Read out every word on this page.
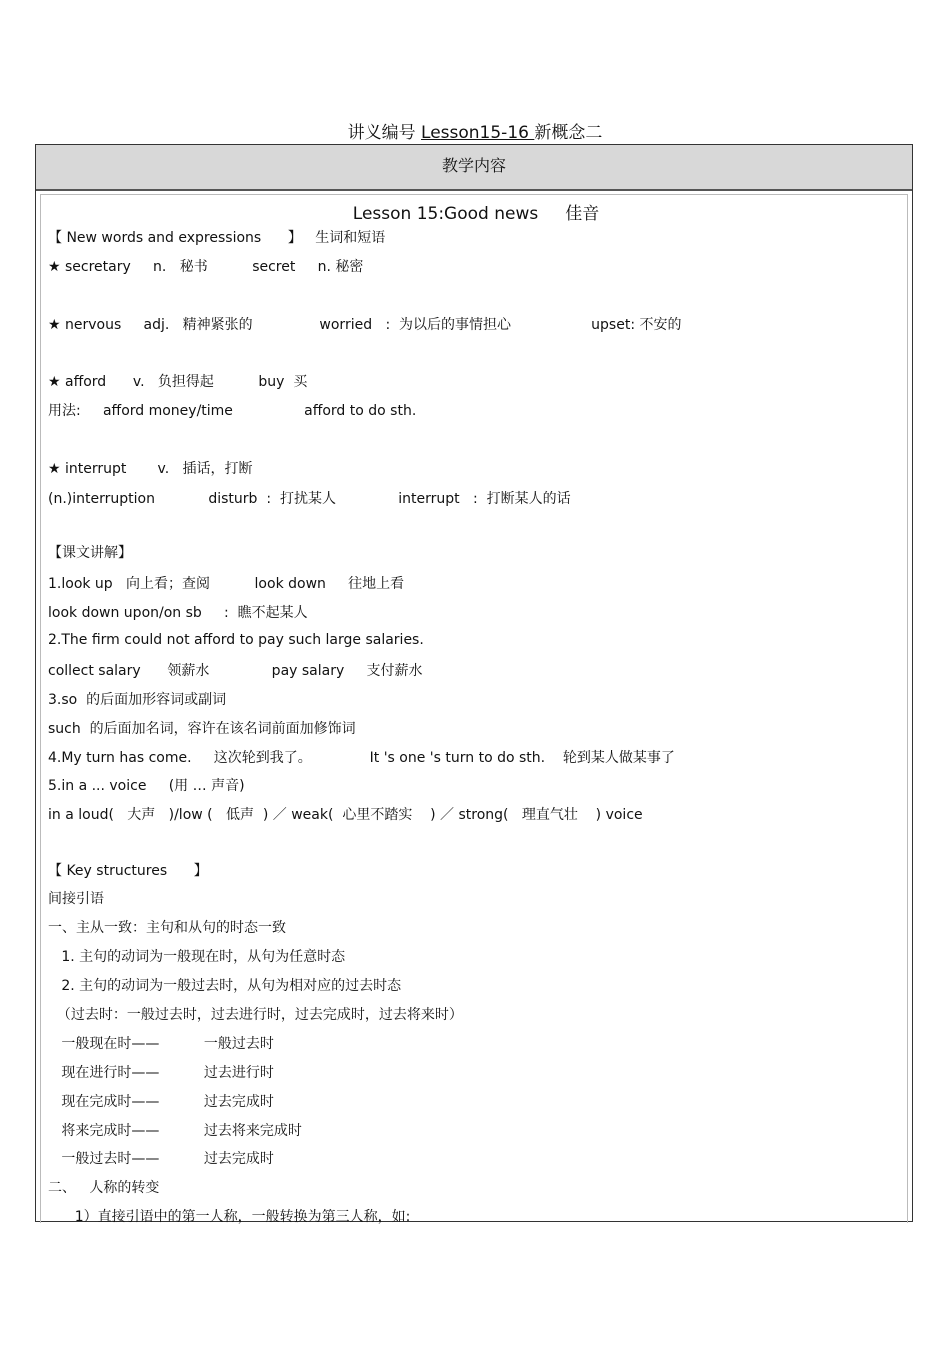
讲义编号 Lesson15-16 新概念二
教学内容
Lesson 15:Good news     佳音
【 New words and expressions      】   生词和短语
★ secretary     n.   秘书          secret     n. 秘密
★ nervous     adj.   精神紧张的               worried   :  为以后的事情担心                  upset: 不安的
★ afford      v.   负担得起          buy  买
用法:     afford money/time                afford to do sth.
★ interrupt       v.   插话，打断
(n.)interruption            disturb  :  打扰某人              interrupt   :  打断某人的话
【课文讲解】
1.look up   向上看；查阅          look down     往地上看
look down upon/on sb     :  瞧不起某人
2.The firm could not afford to pay such large salaries.
collect salary      领薪水              pay salary     支付薪水
3.so  的后面加形容词或副词
such  的后面加名词，容许在该名词前面加修饰词
4.My turn has come.     这次轮到我了。             It 's one 's turn to do sth.    轮到某人做某事了
5.in a ... voice     (用 … 声音)
in a loud(   大声   )/low (   低声  ) ／ weak(  心里不踏实    ) ／ strong(   理直气壮    ) voice
【 Key structures      】
间接引语
一、主从一致：主句和从句的时态一致
1. 主句的动词为一般现在时，从句为任意时态
2. 主句的动词为一般过去时，从句为相对应的过去时态
（过去时：一般过去时，过去进行时，过去完成时，过去将来时）
一般现在时——          一般过去时
现在进行时——          过去进行时
现在完成时——          过去完成时
将来完成时——          过去将来完成时
一般过去时——          过去完成时
二、   人称的转变
1）直接引语中的第一人称，一般转换为第三人称，如:
